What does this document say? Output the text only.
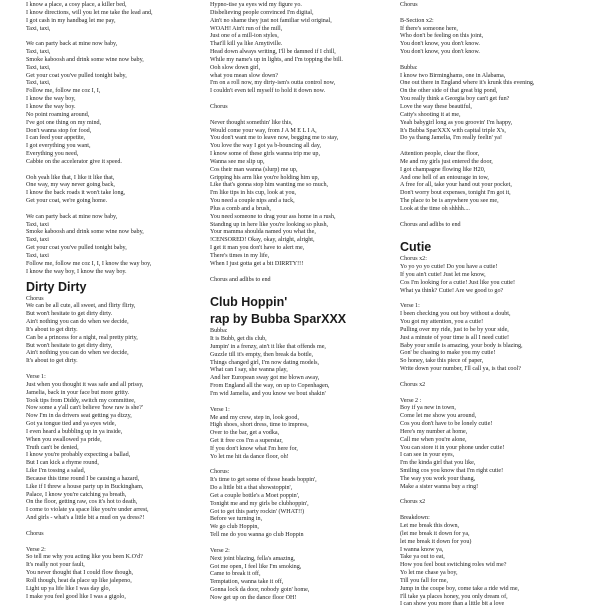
I know a place, a cosy place, a killer bed,
I know directions, will you let me take the lead and,
I got cash in my handbag let me pay,
Taxi, taxi,
We can party back at mine now baby,
Taxi, taxi,
Smoke kaboosh and drink some wine now baby,
Taxi, taxi,
Get your coat you've pulled tonight baby,
Taxi, taxi,
Follow me, follow me coz I, I,
I know the way boy,
I know the way boy.
No point roaming around,
I've got one thing on my mind,
Don't wanna stop for food,
I can feed your appetite,
I got everything you want,
Everything you need,
Cabbie on the accelerator give it speed.
Ooh yeah like that, I like it like that,
One way, my way never going back,
I know the back roads it won't take long,
Get your coat, we're going home.
We can party back at mine now baby,
Taxi, taxi
Smoke kaboosh and drink some wine now baby,
Taxi, taxi
Get your coat you've pulled tonight baby,
Taxi, taxi
Follow me, follow me coz I, I, I know the way boy,
I know the way boy, I know the way boy.
Dirty Dirty
Chorus
We can be all cute, all sweet, and flirty flirty,
But won't hesitate to get dirty dirty.
Ain't nothing you can do when we decide,
It's about to get dirty.
Can be a princess for a night, real pretty pirty,
But won't hesitate to get dirty dirty,
Ain't nothing you can do when we decide,
It's about to get dirty.
Verse 1:
Just when you thought it was safe and all prissy,
Jamelia, back in your face but more gritty.
Took tips from Diddy, switch my committee,
Now some a y'all can't believe 'how raw is she?'
Now I'm in da drivers seat getting ya dizzy,
Got ya tongue tied and ya eyes wide,
I even heard a bubbling up in ya inside,
When you swallowed ya pride,
Truth can't be denied,
I know you're probably expecting a ballad,
But I can kick a rhyme round,
Like I'm tossing a salad,
Because this time round I be causing a hazard,
Like if I threw a house party up in Buckingham,
Palace, I know you're catching ya breath,
On the floor, getting raw, cos it's hot to death,
I come to violate ya space like you're under arrest,
And girls - what's a little bit a mud on ya dress?!
Chorus
Verse 2:
So tell me why you acting like you been K.O'd?
It's really not your fault,
You never thought that I could flow though,
Roll though, heat da place up like jalepeno,
Light up ya life like I was day glo,
I make you feel good like I was a gigolo,
Hypno-tise ya eyes wid my figure yo.
Disbelieving people convinced I'm digital,
Ain't no shame they just not familiar wid original,
WOAH! Ain't run of the mill,
Just one of a mill-ion styles,
That'll kill ya like Amytiville.
Head down always writing, I'll be damned if I chill,
While my name's up in lights, and I'm topping the bill.
Ooh slow down girl,
what you mean slow down?
I'm on a roll now, my dirty-ism's outta control now,
I couldn't even tell myself to hold it down now.
Chorus
Never thought somethin' like this,
Would come your way, from J A M E L I A,
You don't want me to leave now, begging me to stay,
You love the way I got ya b-bouncing all day,
I know some of these girls wanna trip me up,
Wanna see me slip up,
Cos their man wanna (slurp) me up,
Gripping his arm like you're holding him up,
Like that's gonna stop him wanting me so much,
I'm like tips in his cup, look at you,
You need a couple nips and a tuck,
Plus a comb and a brush,
You need someone to drag your ass home in a rush,
Standing up in here like you're looking so plush,
Your mamma shoulda named you what the,
!CENSORED! Okay, okay, alright, alright,
I get it man you don't have to alert me,
There's times in my life,
When I just gotta get a bit DIRRTY!!!
Chorus and adlibs to end
Club Hoppin'
rap by Bubba SparXXX
Bubba:
It is Bubb, get dis club,
Jumpin' in a frenzy, ain't it like that offends me,
Guzzle till it's empty, then break da bottle,
Things changed girl, I'm now dating models,
What can I say, she wanna play,
And her European sway got me blown away,
From England all the way, on up to Copenhagen,
I'm wid Jamelia, and you know we bout shakin'
Verse 1:
Me and my crew, step in, look good,
High shoes, short dress, time to impress,
Over to the bar, get a vodka,
Get it free cos I'm a superstar,
If you don't know what I'm here for,
Yo let me hit da dance floor, oh!
Chorus:
It's time to get some of those heads boppin',
Do a little bit a that showstoppin',
Get a couple bottle's a Moet poppin',
Tonight me and my girls be clubhoppin',
Got to get this party rockin' (WHAT!!)
Before we turning in,
We go club Hoppin,
Tell me do you wanna go club Hoppin
Verse 2:
Next joint blazing, fella's amazing,
Got me open, I feel like I'm smoking,
Came to break it off,
Temptation, wanna take it off,
Gonna lock da door, nobody goin' home,
Now get up on the dance floor OH!
Chorus
B-Section x2:
If there's someone here,
Who don't be feeling on this joint,
You don't know, you don't know.
You don't know, you don't know.
Bubba:
I know two Birminghams, one in Alabama,
One out there in England where it's krunk this evening,
On the other side of that great big pond,
You really think a Georgia boy can't get fun?
Love the way these beautiful,
Catty's shooting it at me,
Yeah babygirl long as you groovin' I'm happy,
It's Bubba SparXXX with capital triple X's,
Do ya thang Jamelia, I'm really feelin' ya!
Attention people, clear the floor,
Me and my girls just entered the door,
I got champagne flowing like H20,
And one hell of an entourage in tow,
A free for all, take your hand out your pocket,
Don't worry bout expenses, tonight I'm got it,
The place to be is anywhere you see me,
Look at the time oh shhhh....
Chorus and adlibs to end
Cutie
Chorus x2:
Yo yo yo yo cutie! Do you have a cutie!
If you ain't cutie! Just let me know,
Cos I'm looking for a cutie! Just like you cutie!
What ya think? Cutie! Are we good to go?
Verse 1:
I been checking you out boy without a doubt,
You got my attention, you a cutie!
Pulling over my ride, just to be by your side,
Just a minute of your time is all I need cutie!
Baby your smile is amazing, your body is blazing,
Gon' be chasing to make you my cutie!
So honey, take this piece of paper,
Write down your number, I'll call ya, is that cool?
Chorus x2
Verse 2 :
Boy if ya new in town,
Come let me show you around,
Cos you don't have to be lonely cutie!
Here's my number at home,
Call me when you're alone,
You can store it in your phone under cutie!
I can see in your eyes,
I'm the kinda girl that you like,
Smiling cos you know that I'm right cutie!
The way you work your thang,
Make a sister wanna buy a ring!
Chorus x2
Breakdown:
Let me break this down,
(let me break it down for ya,
let me break it down for you)
I wanna know ya,
Take ya out to eat,
How you feel bout switching roles wid me?
Yo let me chase ya boy,
Till you fall for me,
Jump in the coupe boy, come take a ride wid me,
I'll take ya places honey, you only dream of,
I can show you more than a little bit a love
